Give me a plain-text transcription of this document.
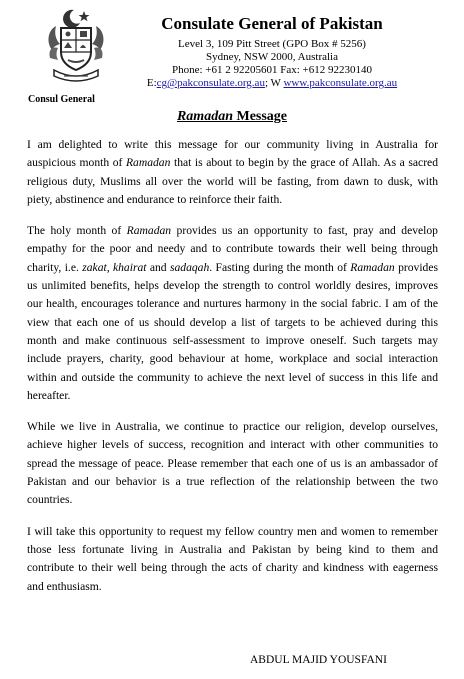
Consul General
Consulate General of Pakistan
Level 3, 109 Pitt Street (GPO Box # 5256)
Sydney, NSW 2000, Australia
Phone: +61 2 92205601 Fax: +612 92230140
E:cg@pakconsulate.org.au; W www.pakconsulate.org.au
Ramadan Message

I am delighted to write this message for our community living in Australia for auspicious month of Ramadan that is about to begin by the grace of Allah. As a sacred religious duty, Muslims all over the world will be fasting, from dawn to dusk, with piety, abstinence and endurance to reinforce their faith.

The holy month of Ramadan provides us an opportunity to fast, pray and develop empathy for the poor and needy and to contribute towards their well being through charity, i.e. zakat, khairat and sadaqah. Fasting during the month of Ramadan provides us unlimited benefits, helps develop the strength to control worldly desires, improves our health, encourages tolerance and nurtures harmony in the social fabric. I am of the view that each one of us should develop a list of targets to be achieved during this month and make continuous self-assessment to improve oneself. Such targets may include prayers, charity, good behaviour at home, workplace and social interaction within and outside the community to achieve the next level of success in this life and hereafter.

While we live in Australia, we continue to practice our religion, develop ourselves, achieve higher levels of success, recognition and interact with other communities to spread the message of peace. Please remember that each one of us is an ambassador of Pakistan and our behavior is a true reflection of the relationship between the two countries.

I will take this opportunity to request my fellow country men and women to remember those less fortunate living in Australia and Pakistan by being kind to them and contribute to their well being through the acts of charity and kindness with eagerness and enthusiasm.

ABDUL MAJID YOUSFANI
